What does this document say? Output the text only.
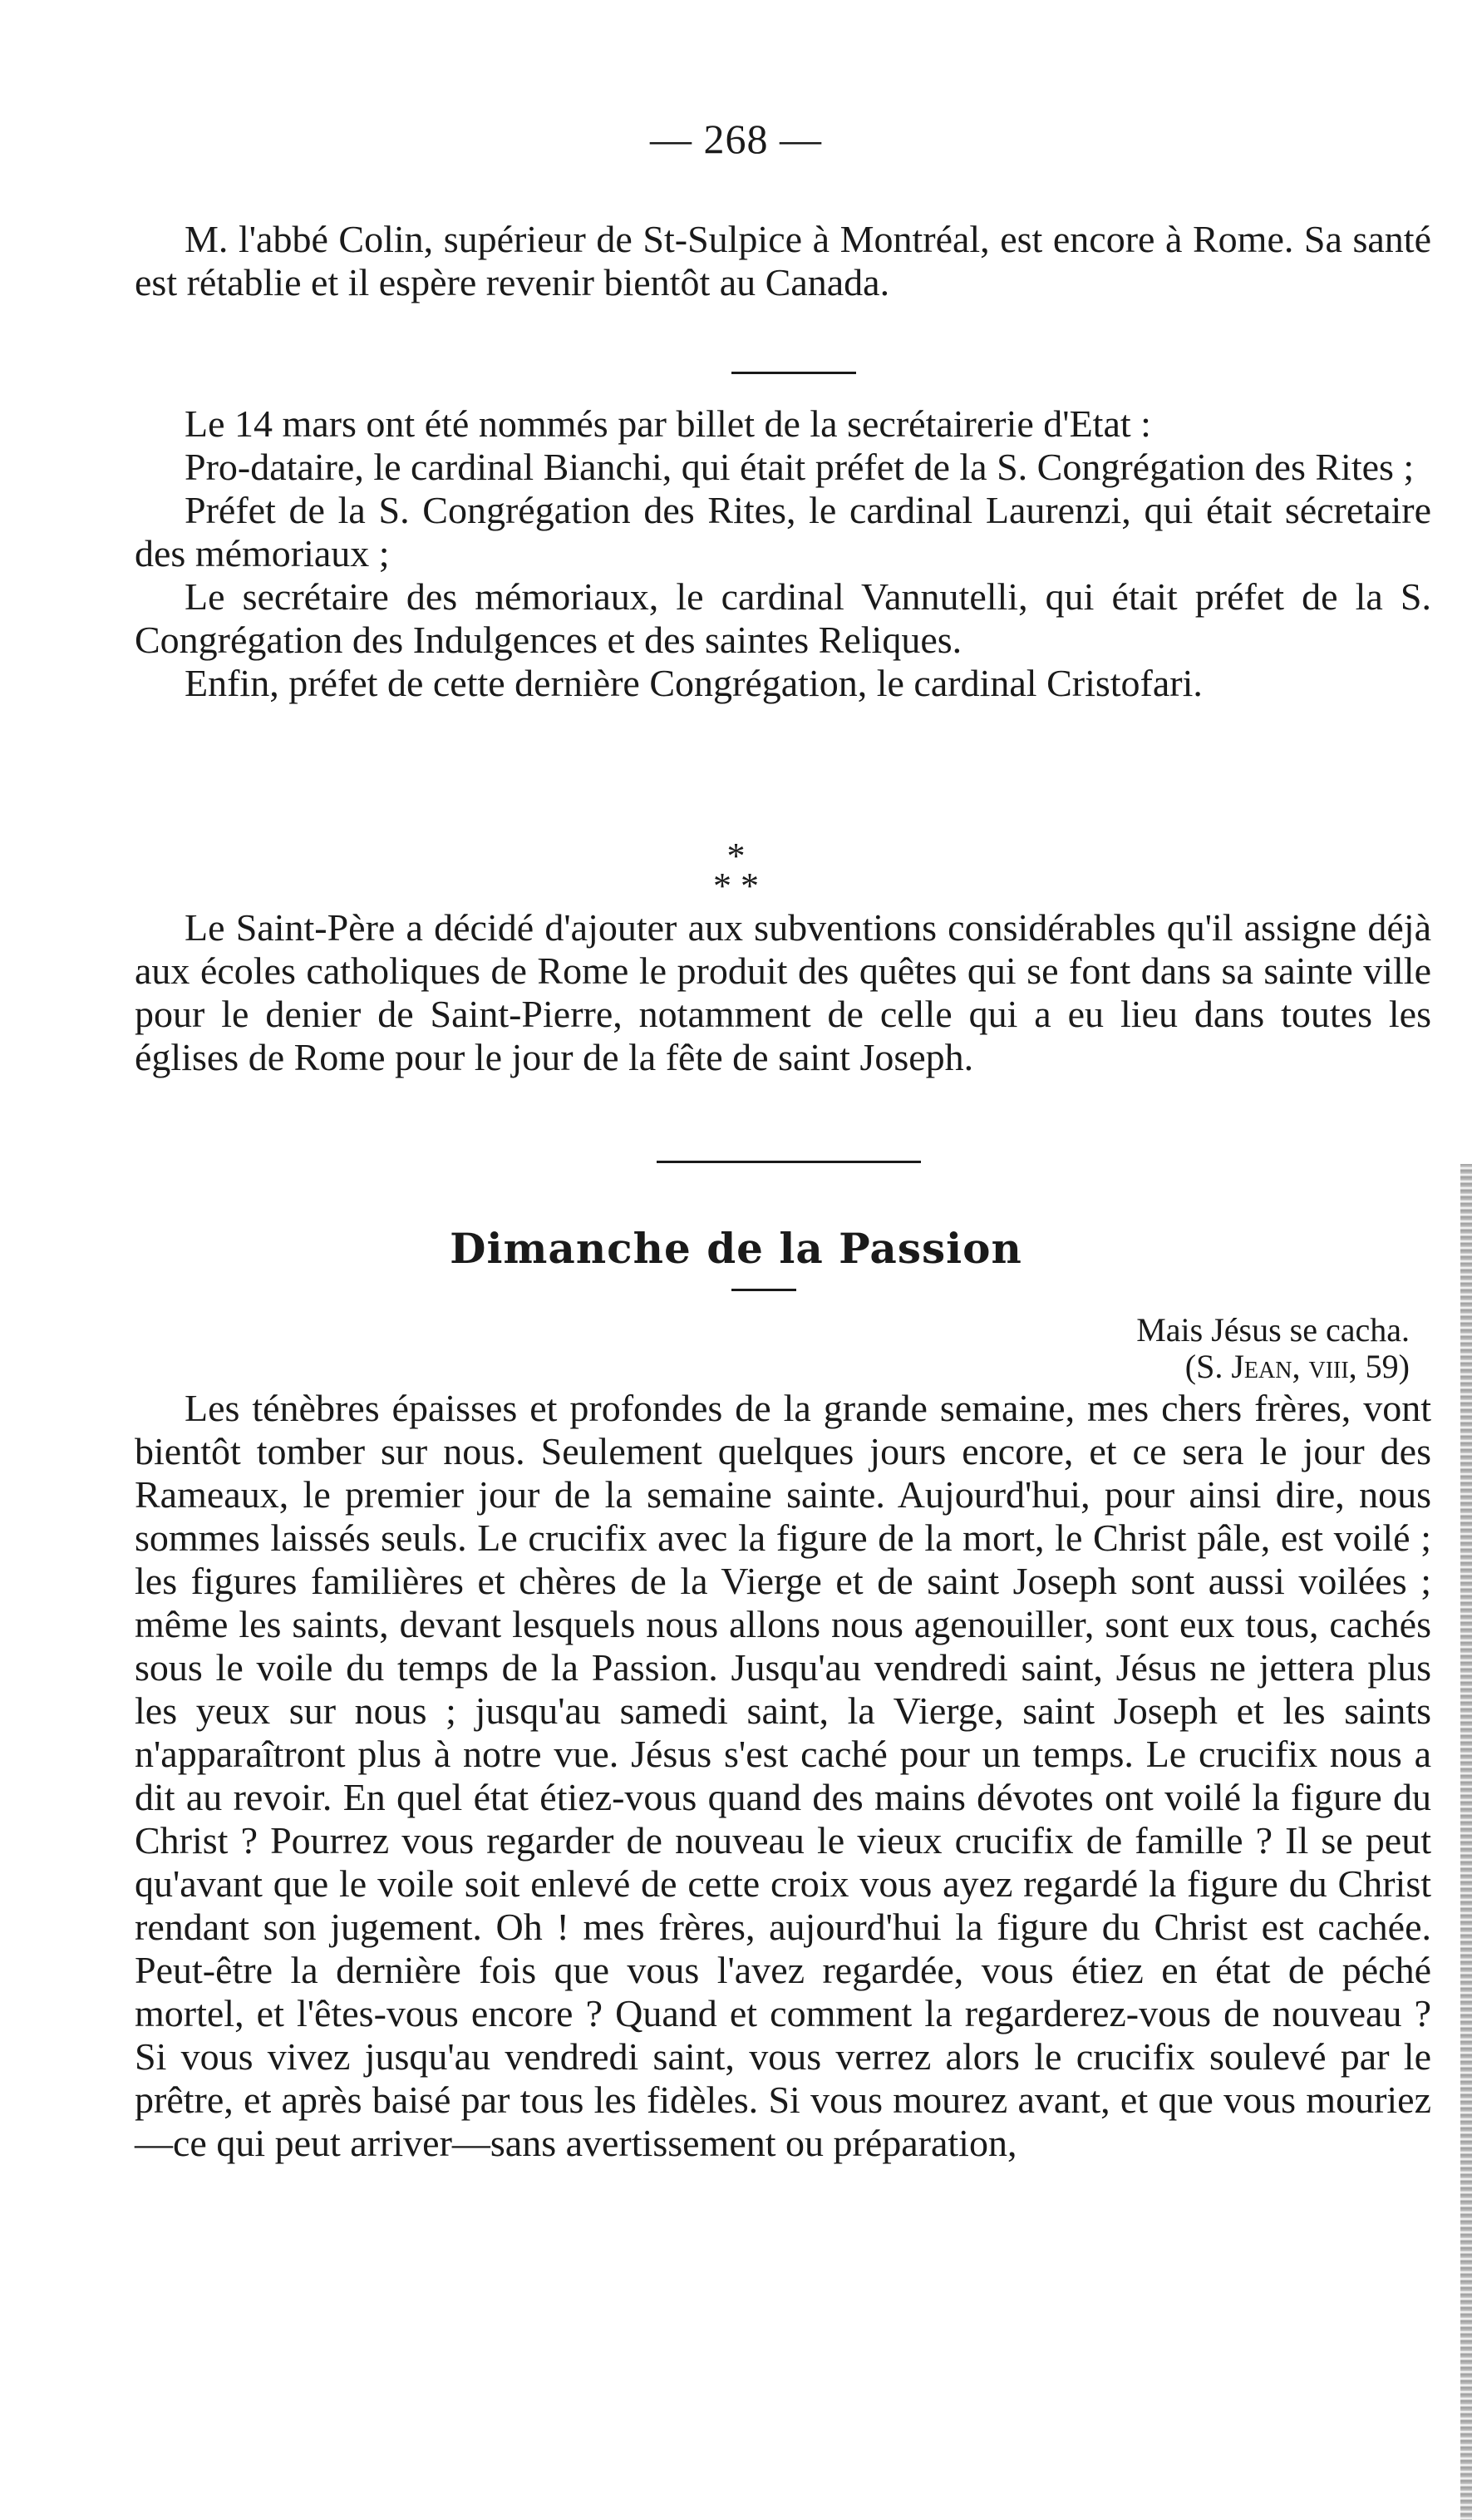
— 268 —

M. l'abbé Colin, supérieur de St-Sulpice à Montréal, est encore à Rome. Sa santé est rétablie et il espère revenir bientôt au Canada.

Le 14 mars ont été nommés par billet de la secrétairerie d'Etat :

Pro-dataire, le cardinal Bianchi, qui était préfet de la S. Congrégation des Rites ;

Préfet de la S. Congrégation des Rites, le cardinal Laurenzi, qui était sécretaire des mémoriaux ;

Le secrétaire des mémoriaux, le cardinal Vannutelli, qui était préfet de la S. Congrégation des Indulgences et des saintes Reliques.

Enfin, préfet de cette dernière Congrégation, le cardinal Cristofari.

*
* *

Le Saint-Père a décidé d'ajouter aux subventions considérables qu'il assigne déjà aux écoles catholiques de Rome le produit des quêtes qui se font dans sa sainte ville pour le denier de Saint-Pierre, notamment de celle qui a eu lieu dans toutes les églises de Rome pour le jour de la fête de saint Joseph.

Dimanche de la Passion
Mais Jésus se cacha.
(S. Jean, viii, 59)

Les ténèbres épaisses et profondes de la grande semaine, mes chers frères, vont bientôt tomber sur nous. Seulement quelques jours encore, et ce sera le jour des Rameaux, le premier jour de la semaine sainte. Aujourd'hui, pour ainsi dire, nous sommes laissés seuls. Le crucifix avec la figure de la mort, le Christ pâle, est voilé ; les figures familières et chères de la Vierge et de saint Joseph sont aussi voilées ; même les saints, devant lesquels nous allons nous agenouiller, sont eux tous, cachés sous le voile du temps de la Passion. Jusqu'au vendredi saint, Jésus ne jettera plus les yeux sur nous ; jusqu'au samedi saint, la Vierge, saint Joseph et les saints n'apparaîtront plus à notre vue. Jésus s'est caché pour un temps. Le crucifix nous a dit au revoir. En quel état étiez-vous quand des mains dévotes ont voilé la figure du Christ ? Pourrez vous regarder de nouveau le vieux crucifix de famille ? Il se peut qu'avant que le voile soit enlevé de cette croix vous ayez regardé la figure du Christ rendant son jugement. Oh ! mes frères, aujourd'hui la figure du Christ est cachée. Peut-être la dernière fois que vous l'avez regardée, vous étiez en état de péché mortel, et l'êtes-vous encore ? Quand et comment la regarderez-vous de nouveau ? Si vous vivez jusqu'au vendredi saint, vous verrez alors le crucifix soulevé par le prêtre, et après baisé par tous les fidèles. Si vous mourez avant, et que vous mouriez—ce qui peut arriver—sans avertissement ou préparation,
